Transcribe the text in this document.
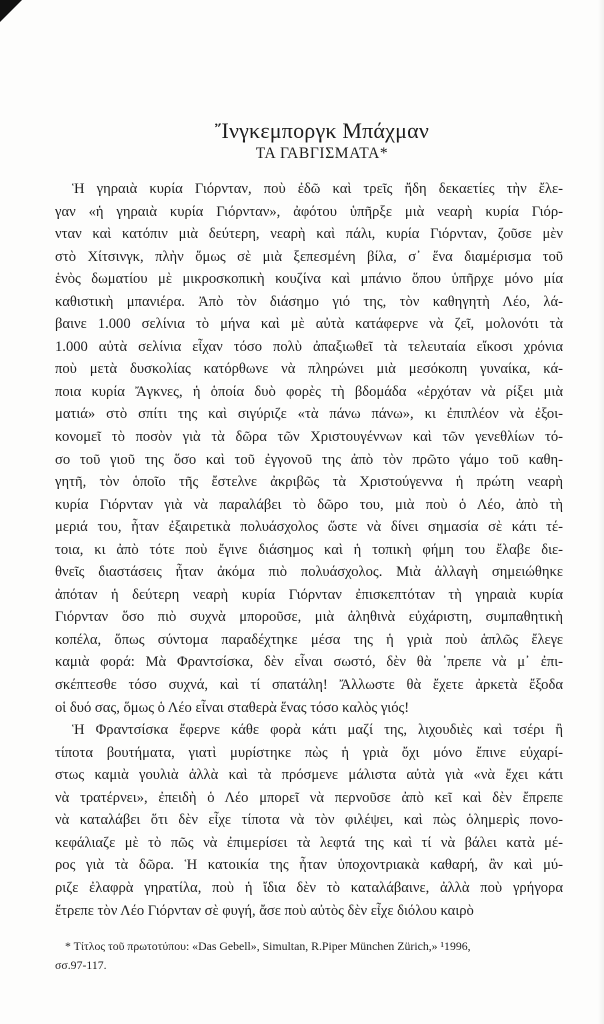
Ἴνγκεμποργκ Μπάχμαν
ΤΑ ΓΑΒΓΙΣΜΑΤΑ*
Ἡ γηραιὰ κυρία Γιόρνταν, ποὺ ἐδῶ καὶ τρεῖς ἤδη δεκαετίες τὴν ἔλε-
γαν «ἡ γηραιὰ κυρία Γιόρνταν», ἀφότου ὑπῆρξε μιὰ νεαρὴ κυρία Γιόρ-
νταν καὶ κατόπιν μιὰ δεύτερη, νεαρὴ καὶ πάλι, κυρία Γιόρνταν, ζοῦσε μὲν
στὸ Χίτσινγκ, πλὴν ὅμως σὲ μιὰ ξεπεσμένη βίλα, σ᾽ ἕνα διαμέρισμα τοῦ
ἑνὸς δωματίου μὲ μικροσκοπικὴ κουζίνα καὶ μπάνιο ὅπου ὑπῆρχε μόνο μία
καθιστικὴ μπανιέρα. Ἀπὸ τὸν διάσημο γιό της, τὸν καθηγητὴ Λέο, λά-
βαινε 1.000 σελίνια τὸ μήνα καὶ μὲ αὐτὰ κατάφερνε νὰ ζεῖ, μολονότι τὰ
1.000 αὐτὰ σελίνια εἶχαν τόσο πολὺ ἀπαξιωθεῖ τὰ τελευταία εἴκοσι χρόνια
ποὺ μετὰ δυσκολίας κατόρθωνε νὰ πληρώνει μιὰ μεσόκοπη γυναίκα, κά-
ποια κυρία Ἄγκνες, ἡ ὁποία δυὸ φορὲς τὴ βδομάδα «ἐρχόταν νὰ ρίξει μιὰ
ματιά» στὸ σπίτι της καὶ σιγύριζε «τὰ πάνω πάνω», κι ἐπιπλέον νὰ ἐξοι-
κονομεῖ τὸ ποσὸν γιὰ τὰ δῶρα τῶν Χριστουγέννων καὶ τῶν γενεθλίων τό-
σο τοῦ γιοῦ της ὅσο καὶ τοῦ ἐγγονοῦ της ἀπὸ τὸν πρῶτο γάμο τοῦ καθη-
γητῆ, τὸν ὁποῖο τῆς ἔστελνε ἀκριβῶς τὰ Χριστούγεννα ἡ πρώτη νεαρὴ
κυρία Γιόρνταν γιὰ νὰ παραλάβει τὸ δῶρο του, μιὰ ποὺ ὁ Λέο, ἀπὸ τὴ
μεριά του, ἦταν ἐξαιρετικὰ πολυάσχολος ὥστε νὰ δίνει σημασία σὲ κάτι τέ-
τοια, κι ἀπὸ τότε ποὺ ἔγινε διάσημος καὶ ἡ τοπικὴ φήμη του ἔλαβε διε-
θνεῖς διαστάσεις ἦταν ἀκόμα πιὸ πολυάσχολος. Μιὰ ἀλλαγὴ σημειώθηκε
ἀπόταν ἡ δεύτερη νεαρὴ κυρία Γιόρνταν ἐπισκεπτόταν τὴ γηραιὰ κυρία
Γιόρνταν ὅσο πιὸ συχνὰ μποροῦσε, μιὰ ἀληθινὰ εὐχάριστη, συμπαθητικὴ
κοπέλα, ὅπως σύντομα παραδέχτηκε μέσα της ἡ γριὰ ποὺ ἁπλῶς ἔλεγε
καμιὰ φορά: Μὰ Φραντσίσκα, δὲν εἶναι σωστό, δὲν θὰ ᾽πρεπε νὰ μ᾽ ἐπι-
σκέπτεσθε τόσο συχνά, καὶ τί σπατάλη! Ἄλλωστε θὰ ἔχετε ἀρκετὰ ἔξοδα
οἱ δυό σας, ὅμως ὁ Λέο εἶναι σταθερὰ ἕνας τόσο καλὸς γιός!
Ἡ Φραντσίσκα ἔφερνε κάθε φορὰ κάτι μαζί της, λιχουδιὲς καὶ τσέρι ἢ
τίποτα βουτήματα, γιατὶ μυρίστηκε πὼς ἡ γριὰ ὄχι μόνο ἔπινε εὐχαρί-
στως καμιὰ γουλιὰ ἀλλὰ καὶ τὰ πρόσμενε μάλιστα αὐτὰ γιὰ «νὰ ἔχει κάτι
νὰ τρατέρνει», ἐπειδὴ ὁ Λέο μπορεῖ νὰ περνοῦσε ἀπὸ κεῖ καὶ δὲν ἔπρεπε
νὰ καταλάβει ὅτι δὲν εἶχε τίποτα νὰ τὸν φιλέψει, καὶ πὼς ὁλημερὶς πονο-
κεφάλιαζε μὲ τὸ πῶς νὰ ἐπιμερίσει τὰ λεφτά της καὶ τί νὰ βάλει κατὰ μέ-
ρος γιὰ τὰ δῶρα. Ἡ κατοικία της ἦταν ὑποχοντριακὰ καθαρή, ἂν καὶ μύ-
ριζε ἐλαφρὰ γηρατίλα, ποὺ ἡ ἴδια δὲν τὸ καταλάβαινε, ἀλλὰ ποὺ γρήγορα
ἔτρεπε τὸν Λέο Γιόρνταν σὲ φυγή, ἄσε ποὺ αὐτὸς δὲν εἶχε διόλου καιρὸ
* Τίτλος τοῦ πρωτοτύπου: «Das Gebell», Simultan, R.Piper München Zürich,» ¹1996,
σσ.97-117.
